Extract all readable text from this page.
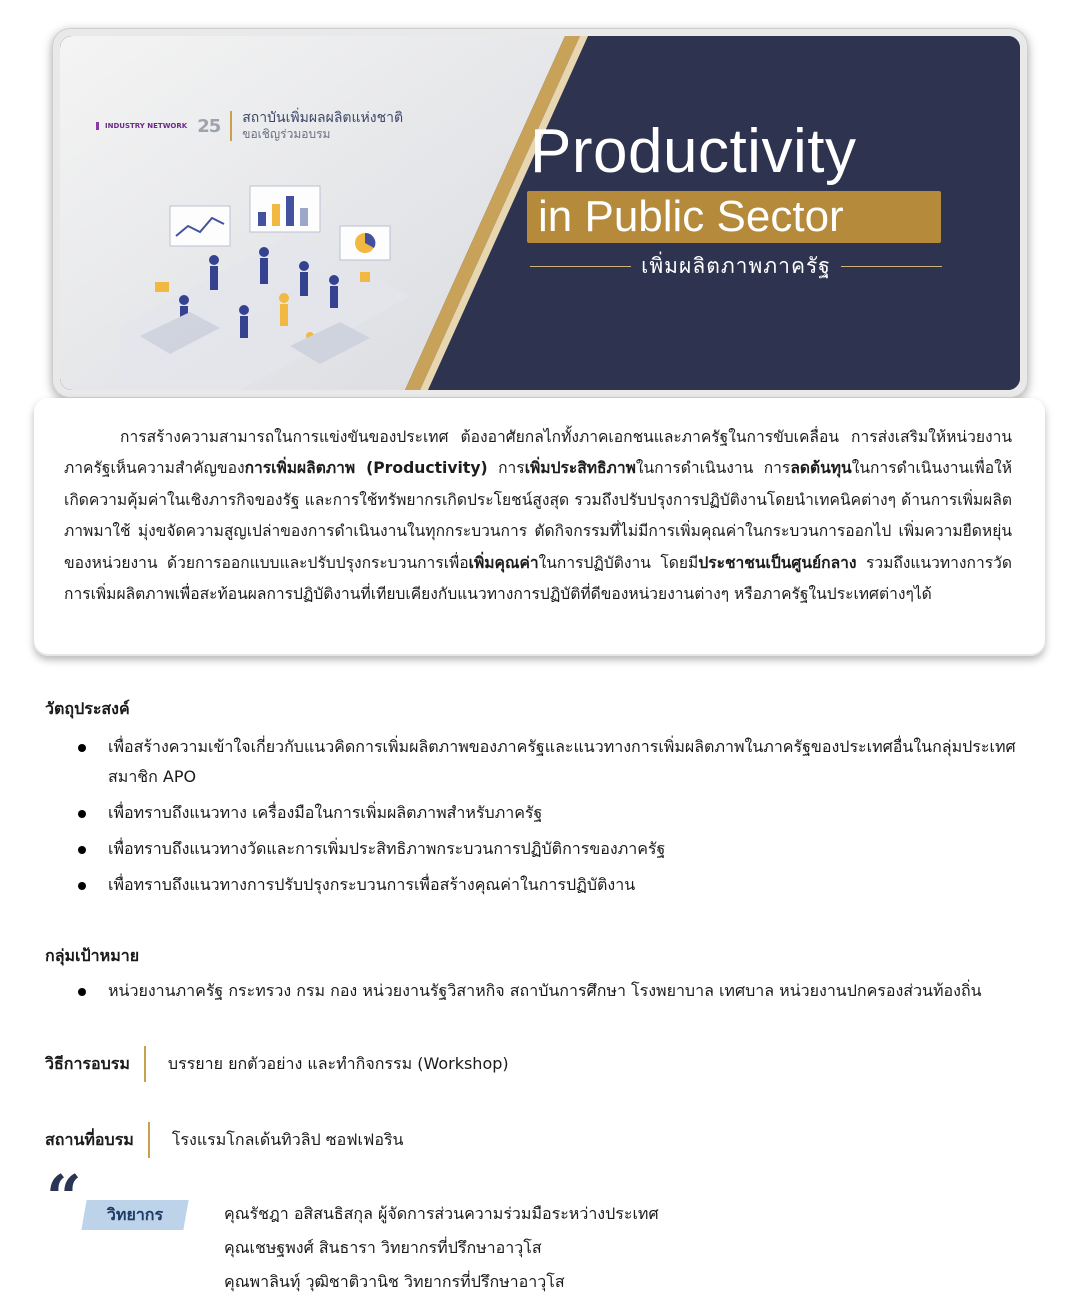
INDUSTRY NETWORK 25 สถาบันเพิ่มผลผลิตแห่งชาติ
ขอเชิญร่วมอบรม	Productivity
in Public Sector
เพิ่มผลิตภาพภาครัฐ

การสร้างความสามารถในการแข่งขันของประเทศ ต้องอาศัยกลไกทั้งภาคเอกชนและภาครัฐในการขับเคลื่อน การส่งเสริมให้หน่วยงานภาครัฐเห็นความสำคัญของการเพิ่มผลิตภาพ (Productivity) การเพิ่มประสิทธิภาพในการดำเนินงาน การลดต้นทุนในการดำเนินงานเพื่อให้เกิดความคุ้มค่าในเชิงภารกิจของรัฐ และการใช้ทรัพยากรเกิดประโยชน์สูงสุด รวมถึงปรับปรุงการปฏิบัติงานโดยนำเทคนิคต่างๆ ด้านการเพิ่มผลิตภาพมาใช้ มุ่งขจัดความสูญเปล่าของการดำเนินงานในทุกกระบวนการ ตัดกิจกรรมที่ไม่มีการเพิ่มคุณค่าในกระบวนการออกไป เพิ่มความยืดหยุ่นของหน่วยงาน ด้วยการออกแบบและปรับปรุงกระบวนการเพื่อเพิ่มคุณค่าในการปฏิบัติงาน โดยมีประชาชนเป็นศูนย์กลาง รวมถึงแนวทางการวัดการเพิ่มผลิตภาพเพื่อสะท้อนผลการปฏิบัติงานที่เทียบเคียงกับแนวทางการปฏิบัติที่ดีของหน่วยงานต่างๆ หรือภาครัฐในประเทศต่างๆได้

วัตถุประสงค์
เพื่อสร้างความเข้าใจเกี่ยวกับแนวคิดการเพิ่มผลิตภาพของภาครัฐและแนวทางการเพิ่มผลิตภาพในภาครัฐของประเทศอื่นในกลุ่มประเทศสมาชิก APO
เพื่อทราบถึงแนวทาง เครื่องมือในการเพิ่มผลิตภาพสำหรับภาครัฐ
เพื่อทราบถึงแนวทางวัดและการเพิ่มประสิทธิภาพกระบวนการปฏิบัติการของภาครัฐ
เพื่อทราบถึงแนวทางการปรับปรุงกระบวนการเพื่อสร้างคุณค่าในการปฏิบัติงาน
กลุ่มเป้าหมาย
หน่วยงานภาครัฐ กระทรวง กรม กอง หน่วยงานรัฐวิสาหกิจ สถาบันการศึกษา โรงพยาบาล เทศบาล หน่วยงานปกครองส่วนท้องถิ่น
วิธีการอบรม บรรยาย ยกตัวอย่าง และทำกิจกรรม (Workshop)
สถานที่อบรม โรงแรมโกลเด้นทิวลิป ซอฟเฟอริน
“	วิทยากร	คุณรัชฎา อสิสนธิสกุล ผู้จัดการส่วนความร่วมมือระหว่างประเทศ
คุณเชษฐพงศ์ สินธารา วิทยากรที่ปรึกษาอาวุโส
คุณพาลินท์ุ วุฒิชาติวานิช วิทยากรที่ปรึกษาอาวุโส
